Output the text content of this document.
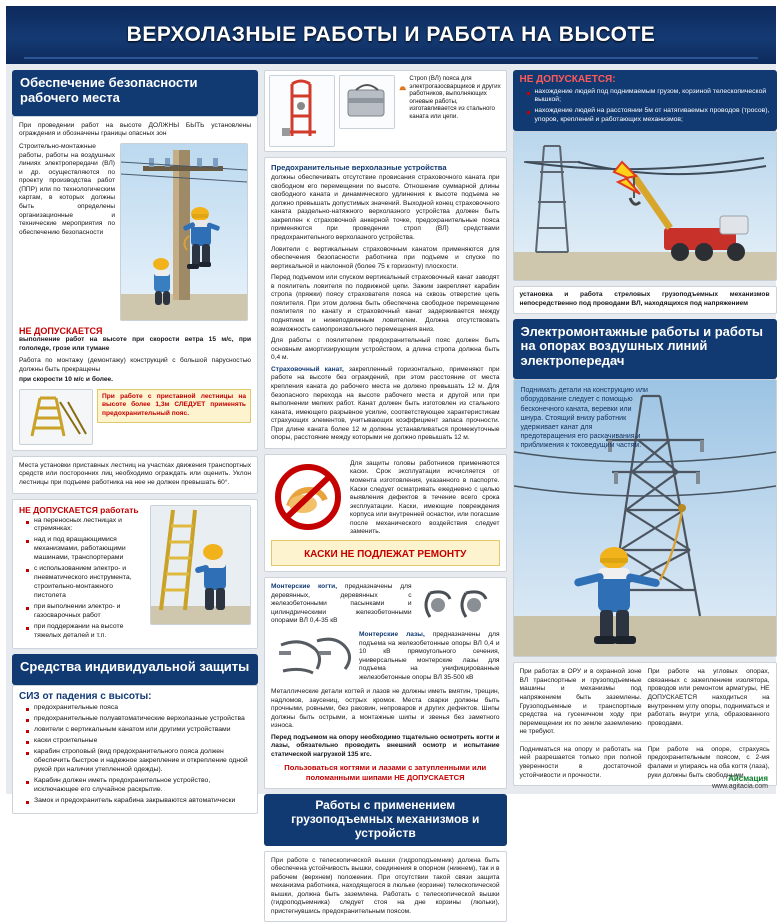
ВЕРХОЛАЗНЫЕ РАБОТЫ И РАБОТА НА ВЫСОТЕ
Обеспечение безопасности рабочего места
При проведении работ на высоте ДОЛЖНЫ БЫТЬ установлены ограждения и обозначены границы опасных зон
Строительно-монтажные работы, работы на воздушных линиях электропередачи (ВЛ) и др. осуществляются по проекту производства работ (ППР) или по технологическим картам, в которых должны быть определены организационные и технические мероприятия по обеспечению безопасности
НЕ ДОПУСКАЕТСЯ
выполнение работ на высоте при скорости ветра 15 м/с, при гололеде, грозе или тумане
Работа по монтажу (демонтажу) конструкций с большой парусностью должны быть прекращены
при скорости 10 м/с и более.
При работе с приставной лестницы на высоте более 1,3м СЛЕДУЕТ применять предохранительный пояс.
Места установки приставных лестниц на участках движения транспортных средств или посторонних лиц необходимо ограждать или оценить. Уклон лестницы при подъеме работника на нее не должен превышать 60°.
НЕ ДОПУСКАЕТСЯ работать
на переносных лестницах и стремянках:
над и под вращающимися механизмами, работающими машинами, транспортерами
с использованием электро- и пневматического инструмента, строительно-монтажного пистолета
при выполнении электро- и газосварочных работ
при поддержании на высоте тяжелых деталей и т.п.
Средства индивидуальной защиты
СИЗ от падения с высоты:
предохранительные пояса
предохранительные полуавтоматические верхолазные устройства
ловители с вертикальным канатом или другими устройствами
каски строительные
карабин строповый (вид предохранительного пояса должен обеспечить быстрое и надежное закрепление и открепление одной рукой при наличии утепленной одежды).
Карабин должен иметь предохранительное устройство, исключающее его случайное раскрытие.
Замок и предохранитель карабина закрываются автоматически
Строп (ВЛ) пояса для электрогазосварщиков и других работников, выполняющих огневые работы, изготавливается из стального каната или цепи.
Предохранительные верхолазные устройства
должны обеспечивать отсутствие провисания страховочного каната при свободном его перемещении по высоте. Отношение суммарной длины свободного каната и динамического удлинения к высоте подъема не должно превышать допустимых значений. Выходной конец страховочного каната раздельно-натяжного верхолазного устройства должен быть закреплен к страховочной анкерной точке, предохранительные пояса применяются при проведении строп (ВЛ) средствами предохранительного верхолазного устройства.
Ловители с вертикальным страховочным канатом применяются для обеспечения безопасности работника при подъеме и спуске по вертикальной и наклонной (более 75 к горизонту) плоскости.
Перед подъемом или спуском вертикальный страховочный канат заводят в поялитель ловителя по подвижной цепи. Зажим закрепляет карабин стропа (пряжки) поясу страхователя пояса на сквозь отверстие цепь поялителя. При этом должна быть обеспечена свободное перемещение поялителя по канату и страховочный канат задерживается между поднятием и нижеподвижным ловителем. Должна отсутствовать возможность самопроизвольного перемещения вниз.
Для работы с поялителем предохранительный пояс должен быть основным амортизирующим устройством, а длина стропа должна быть 0,4 м.
Страховочный канат, закрепленный горизонтально, применяют при работе на высоте без ограждений, при этом расстояние от места крепления каната до рабочего места не должно превышать 12 м. Для безопасного перехода на высоте рабочего места и другой или при выполнении мелких работ. Канат должен быть изготовлен из стального каната, имеющего разрывное усилие, соответствующее характеристикам страхующих элементов, учитывающих коэффициент запаса прочности. При длине каната более 12 м должны устанавливаться промежуточные опоры, расстояние между которыми не должно превышать 12 м.
Для защиты головы работников применяются каски. Срок эксплуатации исчисляется от момента изготовления, указанного в паспорте. Каски следует осматривать ежедневно с целью выявления дефектов в течение всего срока эксплуатации. Каски, имеющие повреждения корпуса или внутренней оснастки, или погасшие после механического воздействия следует заменить.
КАСКИ НЕ ПОДЛЕЖАТ РЕМОНТУ
Монтерские когти, предназначены для деревянных, деревянных с железобетонными пасынками и цилиндрическими железобетонными опорами ВЛ 0,4-35 кВ
Монтерские лазы, предназначены для подъема на железобетонные опоры ВЛ 0,4 и 10 кВ прямоугольного сечения, универсальные монтерские лазы для подъема на унифицированные железобетонные опоры ВЛ 35-500 кВ
Металлические детали когтей и лазов не должны иметь вмятин, трещин, надломов, заусениц, острых кромок. Места сварки должны быть прочными, ровными, без раковин, непроваров и других дефектов. Шипы должны быть острыми, а монтажные шипы и звенья без заметного износа.
Перед подъемом на опору необходимо тщательно осмотреть когти и лазы, обязательно проводить внешний осмотр и испытание статической нагрузкой 135 кгс.
Пользоваться когтями и лазами с затупленными или поломанными шипами НЕ ДОПУСКАЕТСЯ
Работы с применением грузоподъемных механизмов и устройств
При работе с телескопической вышки (гидроподъемник) должна быть обеспечена устойчивость вышки, соединения в опорном (нижнем), так и в рабочем (верхнем) положении. При отсутствии такой связи защита механизма работника, находящегося в люльке (корзине) телескопической вышки, должна быть заземлена. Работать с телескопической вышки (гидроподъемника) следует стоя на дне корзины (люльки), пристегнувшись предохранительным поясом.
НЕ ДОПУСКАЕТСЯ:
нахождение людей под поднимаемым грузом, корзиной телескопической вышкой;
нахождение людей на расстоянии 5м от натягиваемых проводов (тросов), упоров, креплений и работающих механизмов;
установка и работа стреловых грузоподъемных механизмов непосредственно под проводами ВЛ, находящихся под напряжением
Электромонтажные работы и работы на опорах воздушных линий электропередач
Поднимать детали на конструкцию или оборудование следует с помощью бесконечного каната, веревки или шнура. Стоящий внизу работник удерживает канат для предотвращения его раскачивания и приближения к токоведущим частям.
При работах в ОРУ и в охранной зоне ВЛ транспортные и грузоподъемные машины и механизмы под напряжением быть заземлены. Грузоподъемные и транспортные средства на гусеничном ходу при перемещении их по земле заземлению не требуют.
При работе на угловых опорах, связанных с зажеплением изолятора, проводов или ремонтом арматуры, НЕ ДОПУСКАЕТСЯ находиться на внутреннем углу опоры, подниматься и работать внутри угла, образованного проводами.
Подниматься на опору и работать на ней разрешается только при полной уверенности в достаточной устойчивости и прочности.
При работе на опоре, страхуясь предохранительным поясом, с 2-мя фалами и упираясь на оба когтя (лаза), руки должны быть свободными.
Айсмация
www.agitacia.com
